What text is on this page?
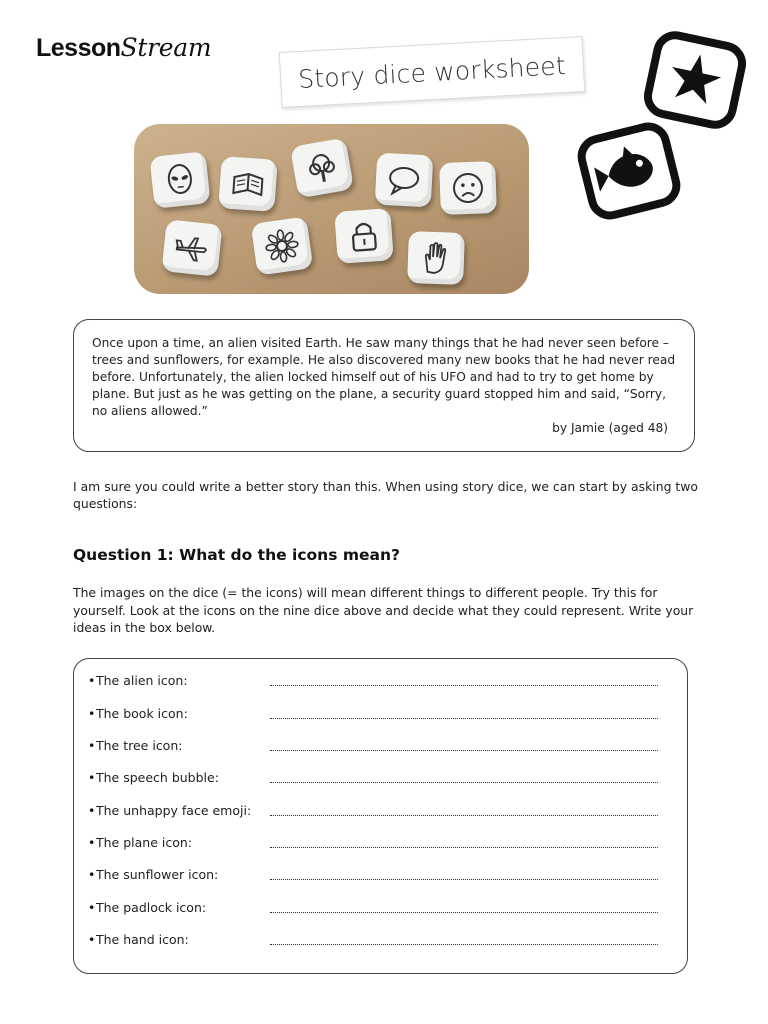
LessonStream
Story dice worksheet

Once upon a time, an alien visited Earth. He saw many things that he had never seen before – trees and sunflowers, for example. He also discovered many new books that he had never read before. Unfortunately, the alien locked himself out of his UFO and had to try to get home by plane. But just as he was getting on the plane, a security guard stopped him and said, “Sorry, no aliens allowed.”

by Jamie (aged 48)

I am sure you could write a better story than this. When using story dice, we can start by asking two questions:

Question 1: What do the icons mean?

The images on the dice (= the icons) will mean different things to different people. Try this for yourself. Look at the icons on the nine dice above and decide what they could represent. Write your ideas in the box below.

• The alien icon:
• The book icon:
• The tree icon:
• The speech bubble:
• The unhappy face emoji:
• The plane icon:
• The sunflower icon:
• The padlock icon:
• The hand icon:
